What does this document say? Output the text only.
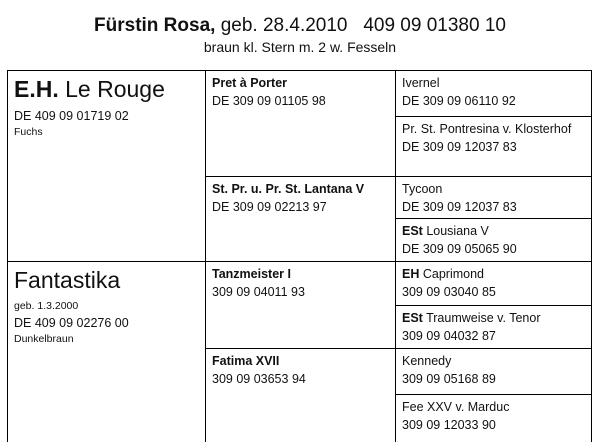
Fürstin Rosa, geb. 28.4.2010   409 09 01380 10
braun kl. Stern m. 2 w. Fesseln
E.H. Le Rouge
DE 409 09 01719 02
Fuchs
Fantastika
geb. 1.3.2000
DE 409 09 02276 00
Dunkelbraun
Pret à Porter
DE 309 09 01105 98
St. Pr. u. Pr. St. Lantana V
DE 309 09 02213 97
Tanzmeister I
309 09 04011 93
Fatima XVII
309 09 03653 94
Ivernel
DE 309 09 06110 92
Pr. St. Pontresina v. Klosterhof
DE 309 09 12037 83
Tycoon
DE 309 09 12037 83
ESt Lousiana V
DE 309 09 05065 90
EH Caprimond
309 09 03040 85
ESt Traumweise v. Tenor
309 09 04032 87
Kennedy
309 09 05168 89
Fee XXV v. Marduc
309 09 12033 90
